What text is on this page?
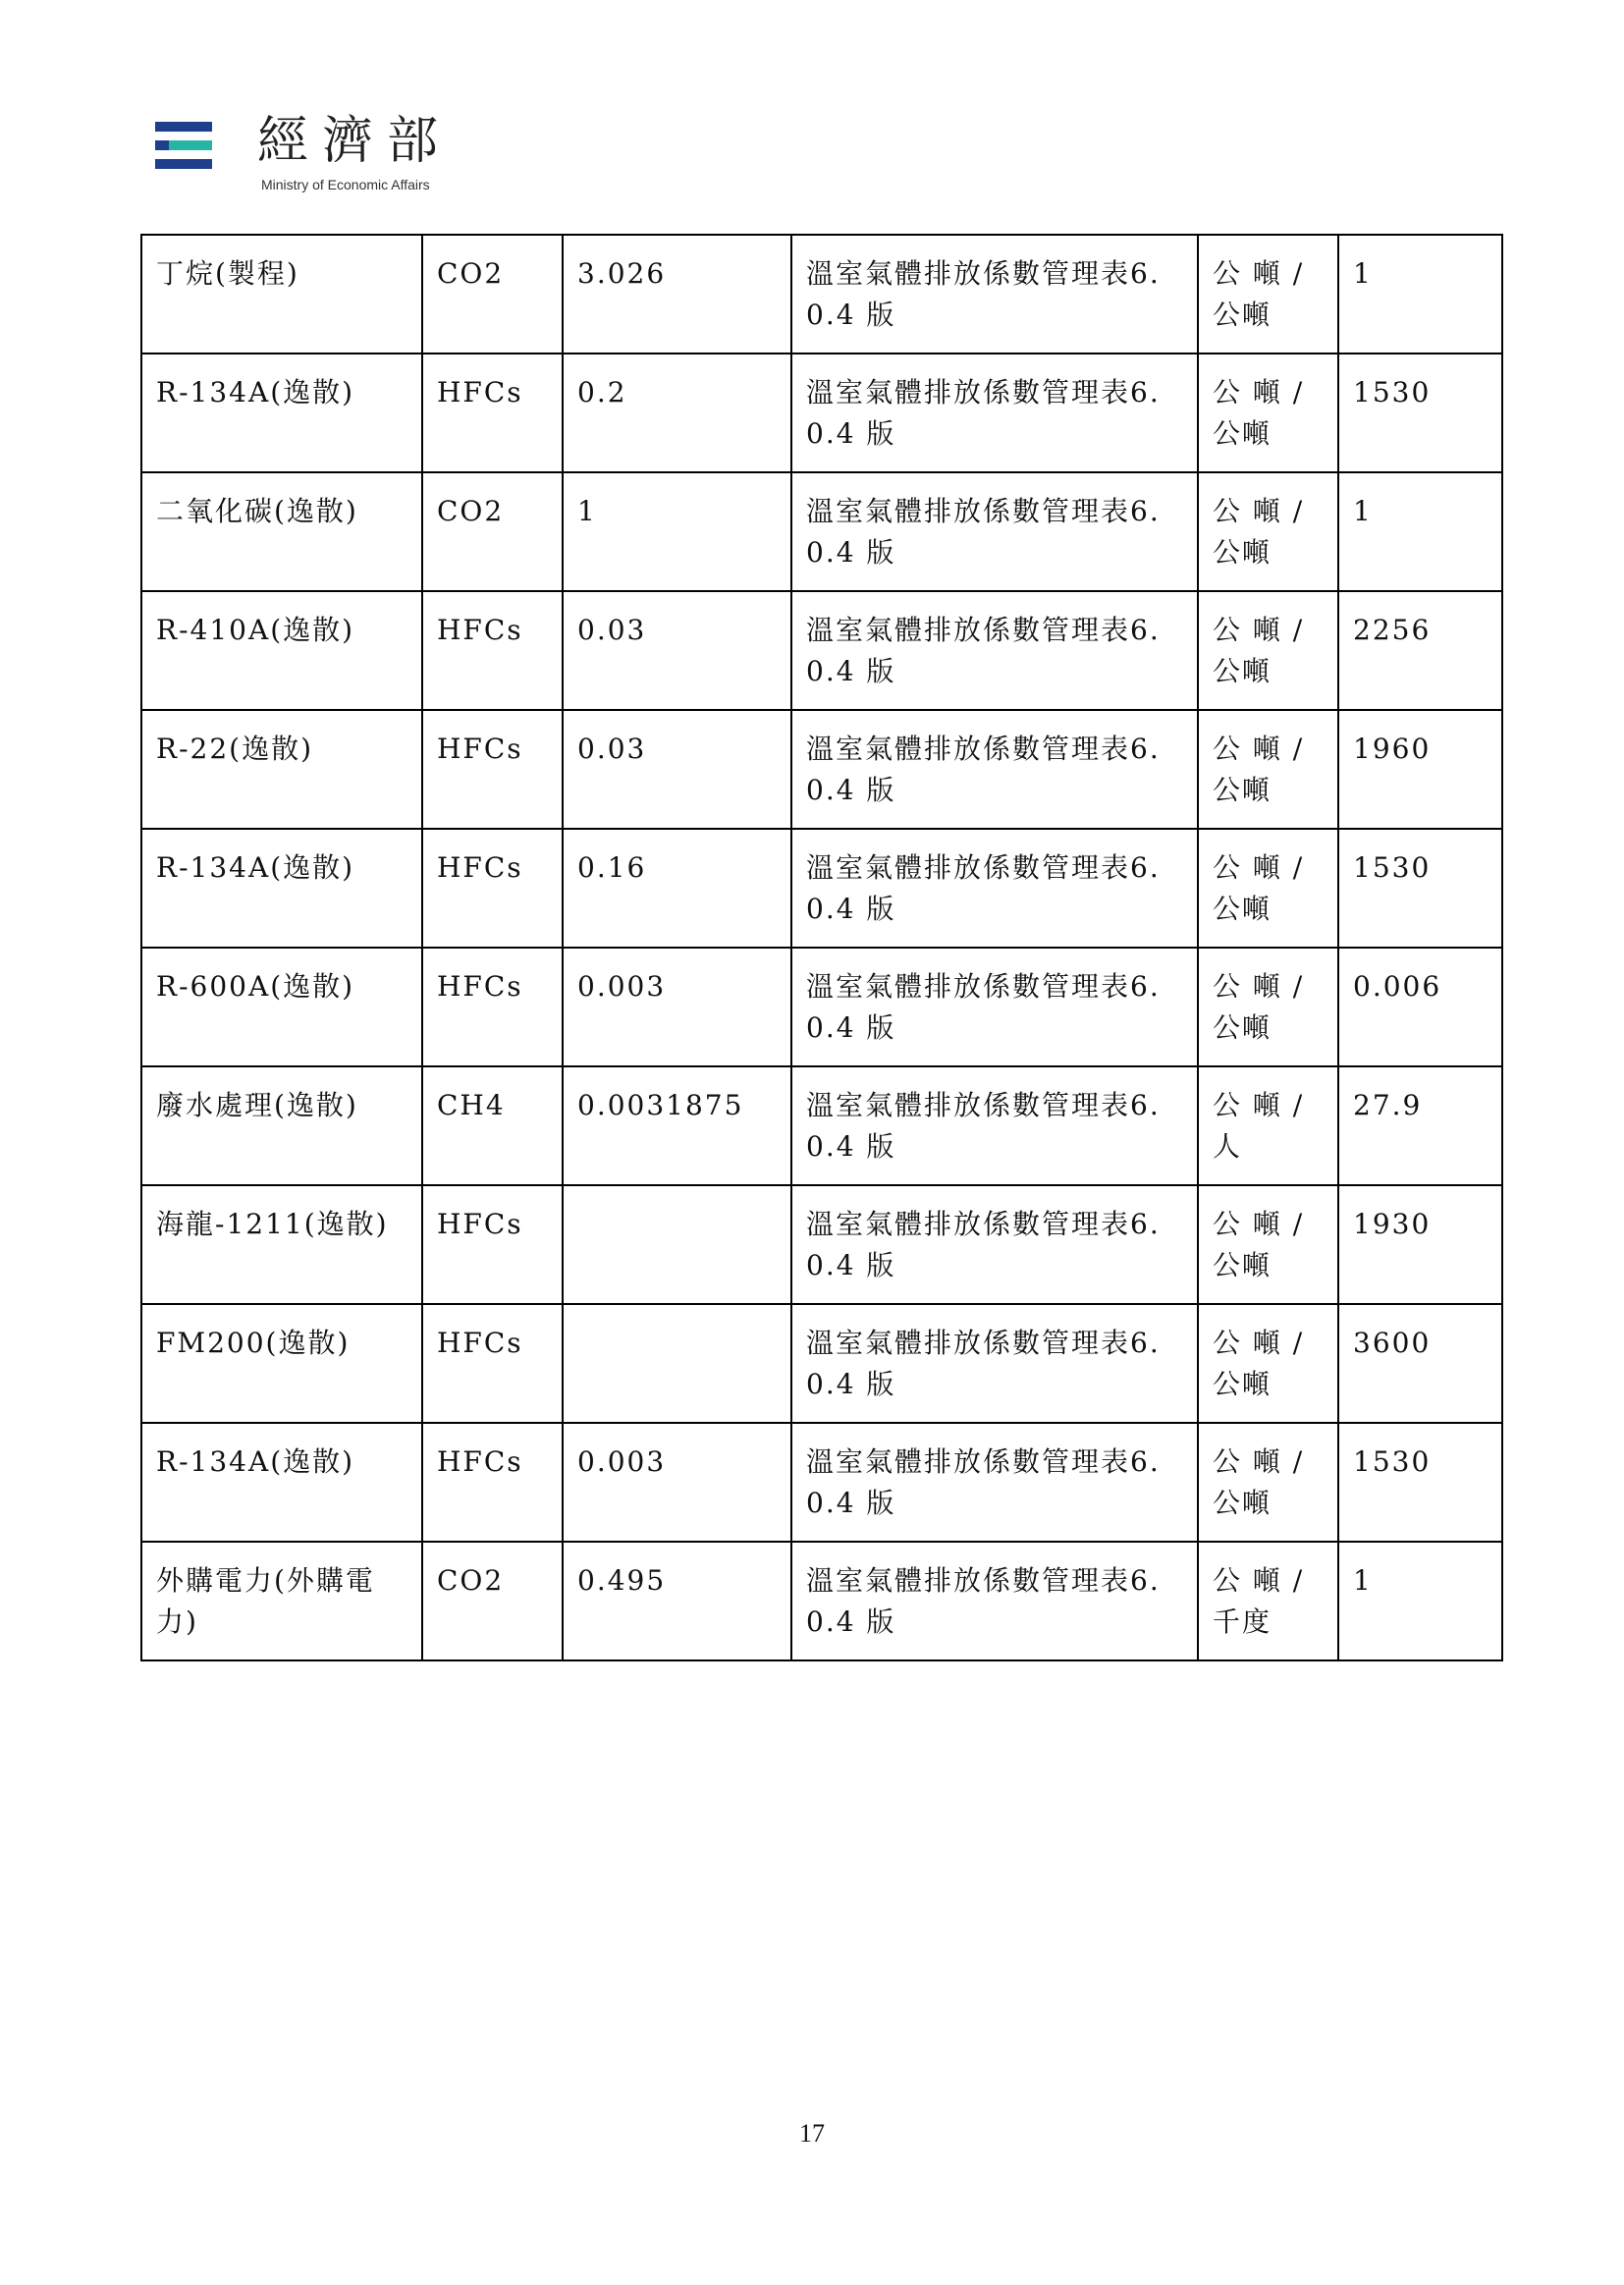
經濟部
Ministry of Economic Affairs
丁烷(製程)	CO2	3.026	溫室氣體排放係數管理表6.0.4 版	公 噸 / 公噸	1
R-134A(逸散)	HFCs	0.2	溫室氣體排放係數管理表6.0.4 版	公 噸 / 公噸	1530
二氧化碳(逸散)	CO2	1	溫室氣體排放係數管理表6.0.4 版	公 噸 / 公噸	1
R-410A(逸散)	HFCs	0.03	溫室氣體排放係數管理表6.0.4 版	公 噸 / 公噸	2256
R-22(逸散)	HFCs	0.03	溫室氣體排放係數管理表6.0.4 版	公 噸 / 公噸	1960
R-134A(逸散)	HFCs	0.16	溫室氣體排放係數管理表6.0.4 版	公 噸 / 公噸	1530
R-600A(逸散)	HFCs	0.003	溫室氣體排放係數管理表6.0.4 版	公 噸 / 公噸	0.006
廢水處理(逸散)	CH4	0.0031875	溫室氣體排放係數管理表6.0.4 版	公 噸 / 人	27.9
海龍-1211(逸散)	HFCs		溫室氣體排放係數管理表6.0.4 版	公 噸 / 公噸	1930
FM200(逸散)	HFCs		溫室氣體排放係數管理表6.0.4 版	公 噸 / 公噸	3600
R-134A(逸散)	HFCs	0.003	溫室氣體排放係數管理表6.0.4 版	公 噸 / 公噸	1530
外購電力(外購電力)	CO2	0.495	溫室氣體排放係數管理表6.0.4 版	公 噸 / 千度	1
17
